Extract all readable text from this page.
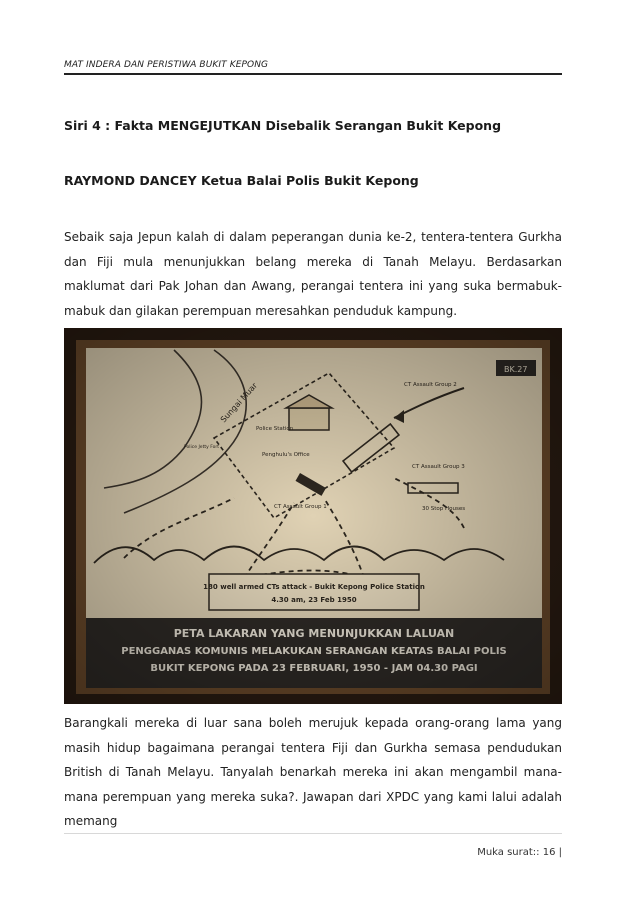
MAT INDERA DAN PERISTIWA BUKIT KEPONG
Siri 4 : Fakta MENGEJUTKAN Disebalik Serangan Bukit Kepong
RAYMOND DANCEY Ketua Balai Polis Bukit Kepong
Sebaik saja Jepun kalah di dalam peperangan dunia ke-2, tentera-tentera Gurkha dan Fiji mula menunjukkan belang mereka di Tanah Melayu. Berdasarkan maklumat dari Pak Johan dan Awang, perangai tentera ini yang suka bermabuk-mabuk dan gilakan perempuan meresahkan penduduk kampung.
Barangkali mereka di luar sana boleh merujuk kepada orang-orang lama yang masih hidup bagaimana perangai tentera Fiji dan Gurkha semasa pendudukan British di Tanah Melayu. Tanyalah benarkah mereka ini akan mengambil mana-mana perempuan yang mereka suka?. Jawapan dari XPDC yang kami lalui adalah memang
Muka surat:: 16 |
